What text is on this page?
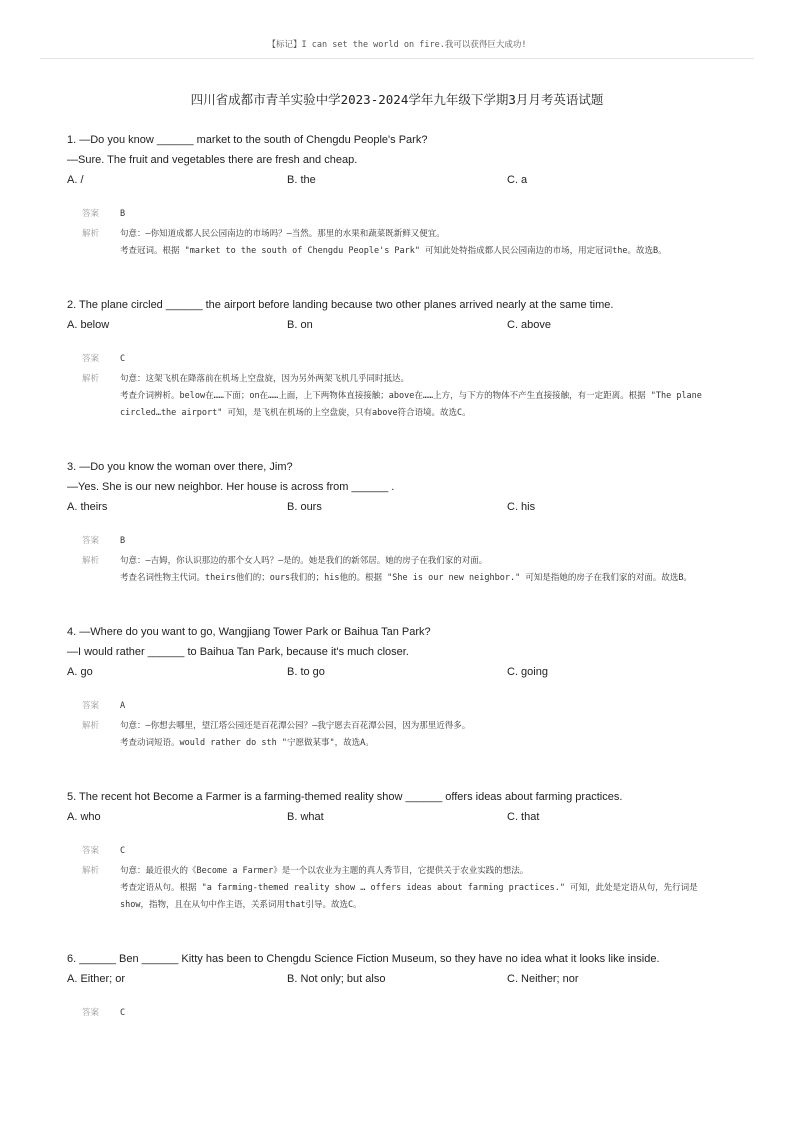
【标记】I can set the world on fire.我可以获得巨大成功!
四川省成都市青羊实验中学2023-2024学年九年级下学期3月月考英语试题
1. —Do you know ______ market to the south of Chengdu People's Park?
—Sure. The fruit and vegetables there are fresh and cheap.
A. /	B. the	C. a
答案	B
解析	句意：—你知道成都人民公园南边的市场吗？—当然。那里的水果和蔬菜既新鲜又便宜。
考查冠词。根据 "market to the south of Chengdu People's Park" 可知此处特指成都人民公园南边的市场，用定冠词the。故选B。
2. The plane circled ______ the airport before landing because two other planes arrived nearly at the same time.
A. below	B. on	C. above
答案	C
解析	句意：这架飞机在降落前在机场上空盘旋，因为另外两架飞机几乎同时抵达。
考查介词辨析。below在……下面；on在……上面，上下两物体直接接触；above在……上方，与下方的物体不产生直接接触，有一定距离。根据 "The plane circled…the airport" 可知，是飞机在机场的上空盘旋，只有above符合语境。故选C。
3. —Do you know the woman over there, Jim?
—Yes. She is our new neighbor. Her house is across from ______ .
A. theirs	B. ours	C. his
答案	B
解析	句意：—吉姆，你认识那边的那个女人吗？—是的。她是我们的新邻居。她的房子在我们家的对面。
考查名词性物主代词。theirs他们的；ours我们的；his他的。根据 "She is our new neighbor." 可知是指她的房子在我们家的对面。故选B。
4. —Where do you want to go, Wangjiang Tower Park or Baihua Tan Park?
—I would rather ______ to Baihua Tan Park, because it's much closer.
A. go	B. to go	C. going
答案	A
解析	句意：—你想去哪里，望江塔公园还是百花潭公园？—我宁愿去百花潭公园，因为那里近得多。
考查动词短语。would rather do sth "宁愿做某事"，故选A。
5. The recent hot Become a Farmer is a farming-themed reality show ______ offers ideas about farming practices.
A. who	B. what	C. that
答案	C
解析	句意：最近很火的《Become a Farmer》是一个以农业为主题的真人秀节目，它提供关于农业实践的想法。
考查定语从句。根据 "a farming-themed reality show … offers ideas about farming practices." 可知，此处是定语从句，先行词是show，指物，且在从句中作主语，关系词用that引导。故选C。
6. ______ Ben ______ Kitty has been to Chengdu Science Fiction Museum, so they have no idea what it looks like inside.
A. Either; or	B. Not only; but also	C. Neither; nor
答案	C
